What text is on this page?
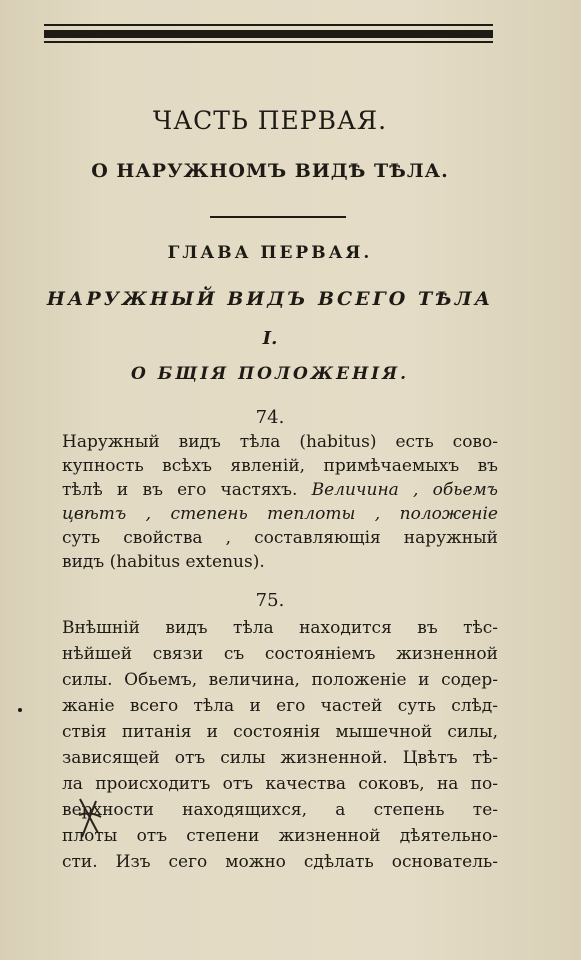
ЧАСТЬ ПЕРВАЯ.
О НАРУЖНОМЪ ВИДѢ ТѢЛА.
ГЛАВА ПЕРВАЯ.
НАРУЖНЫЙ ВИДЪ ВСЕГО ТѢЛА
I.
О БЩІЯ ПОЛОЖЕНІЯ.
74.
Наружный видъ тѣла (habitus) есть сово-
купность всѣхъ явленій, примѣчаемыхъ въ
тѣлѣ и въ его частяхъ. Величина , обьемъ
цвѣтъ , степень теплоты , положеніе
суть свойства , составляющія наружный
видъ (habitus extenus).
75.
Внѣшній видъ тѣла находится въ тѣс-
нѣйшей связи съ состояніемъ жизненной
силы. Обьемъ, величина, положеніе и содер-
жаніе всего тѣла и его частей суть слѣд-
ствія питанія и состоянія мышечной силы,
зависящей отъ силы жизненной. Цвѣтъ тѣ-
ла происходитъ отъ качества соковъ, на по-
верхности находящихся, а степень те-
плоты отъ степени жизненной дѣятельно-
сти. Изъ сего можно сдѣлать основатель-
